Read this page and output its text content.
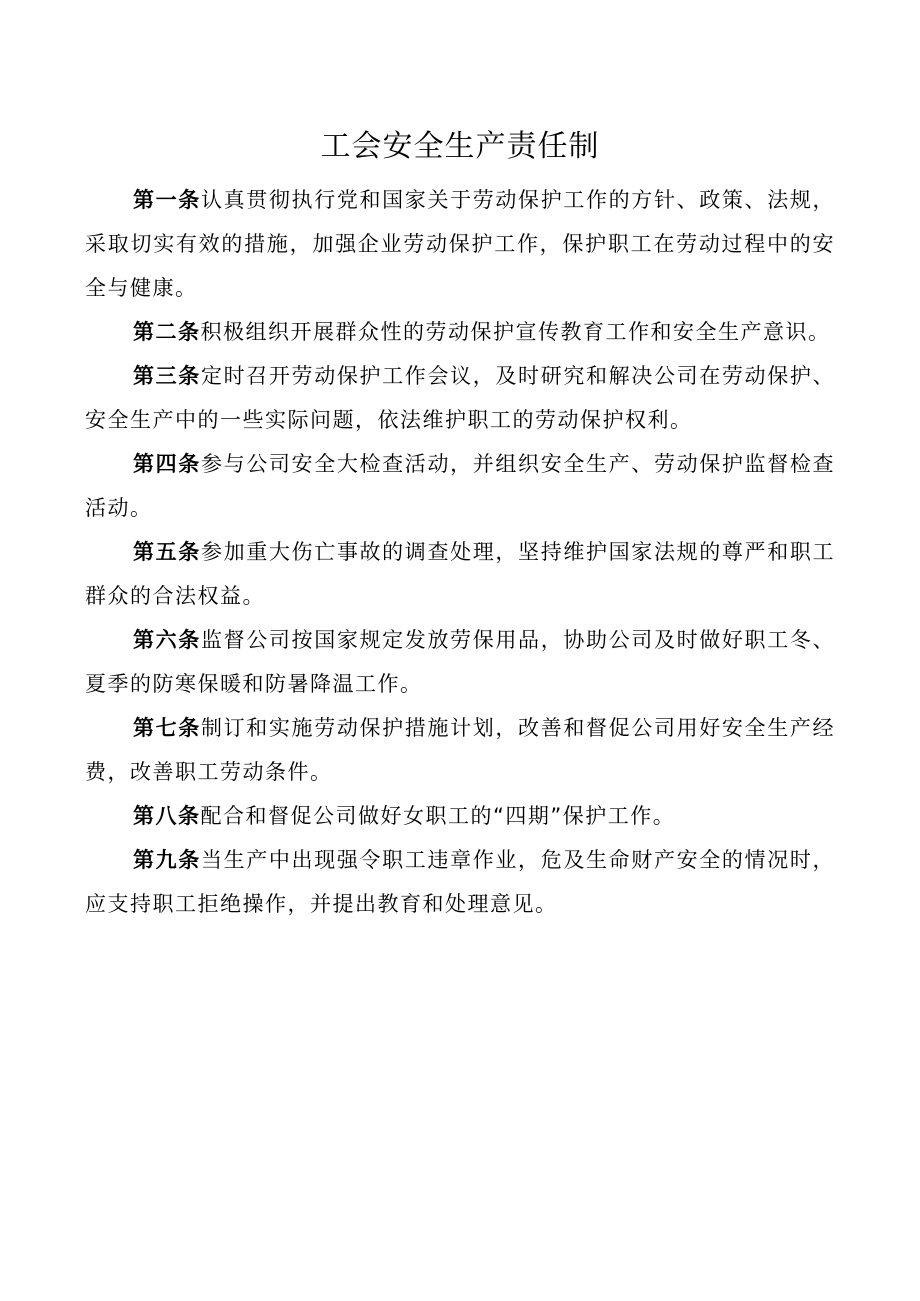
工会安全生产责任制

第一条认真贯彻执行党和国家关于劳动保护工作的方针、政策、法规，采取切实有效的措施，加强企业劳动保护工作，保护职工在劳动过程中的安全与健康。

第二条积极组织开展群众性的劳动保护宣传教育工作和安全生产意识。

第三条定时召开劳动保护工作会议，及时研究和解决公司在劳动保护、安全生产中的一些实际问题，依法维护职工的劳动保护权利。

第四条参与公司安全大检查活动，并组织安全生产、劳动保护监督检查活动。

第五条参加重大伤亡事故的调查处理，坚持维护国家法规的尊严和职工群众的合法权益。

第六条监督公司按国家规定发放劳保用品，协助公司及时做好职工冬、夏季的防寒保暖和防暑降温工作。

第七条制订和实施劳动保护措施计划，改善和督促公司用好安全生产经费，改善职工劳动条件。

第八条配合和督促公司做好女职工的“四期”保护工作。

第九条当生产中出现强令职工违章作业，危及生命财产安全的情况时，应支持职工拒绝操作，并提出教育和处理意见。
